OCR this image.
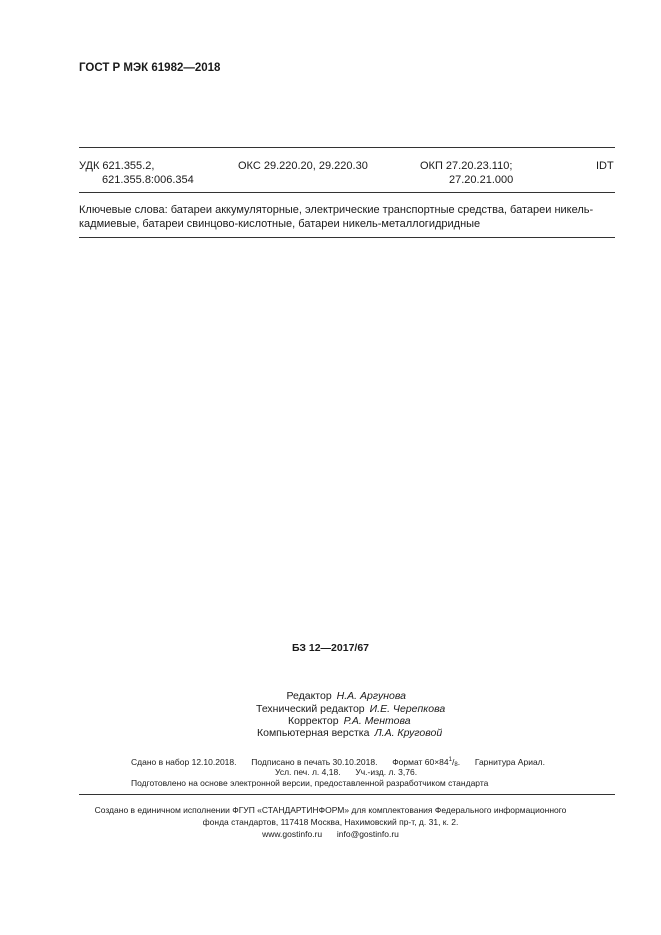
ГОСТ Р МЭК 61982—2018
УДК 621.355.2,
621.355.8:006.354
ОКС 29.220.20, 29.220.30	ОКП 27.20.23.110;
27.20.21.000
IDT
Ключевые слова: батареи аккумуляторные, электрические транспортные средства, батареи никель-
кадмиевые, батареи свинцово-кислотные, батареи никель-металлогидридные
БЗ 12—2017/67
Редактор Н.А. Аргунова
Технический редактор И.Е. Черепкова
Корректор Р.А. Ментова
Компьютерная верстка Л.А. Круговой
Сдано в набор 12.10.2018. Подписано в печать 30.10.2018. Формат $60\times 84^1/_8$. Гарнитура Ариал.
Усл. печ. л. 4,18. Уч.-изд. л. 3,76.
Подготовлено на основе электронной версии, предоставленной разработчиком стандарта
Создано в единичном исполнении ФГУП «СТАНДАРТИНФОРМ» для комплектования Федерального информационного
фонда стандартов, 117418 Москва, Нахимовский пр-т, д. 31, к. 2.
www.gostinfo.ru info@gostinfo.ru
